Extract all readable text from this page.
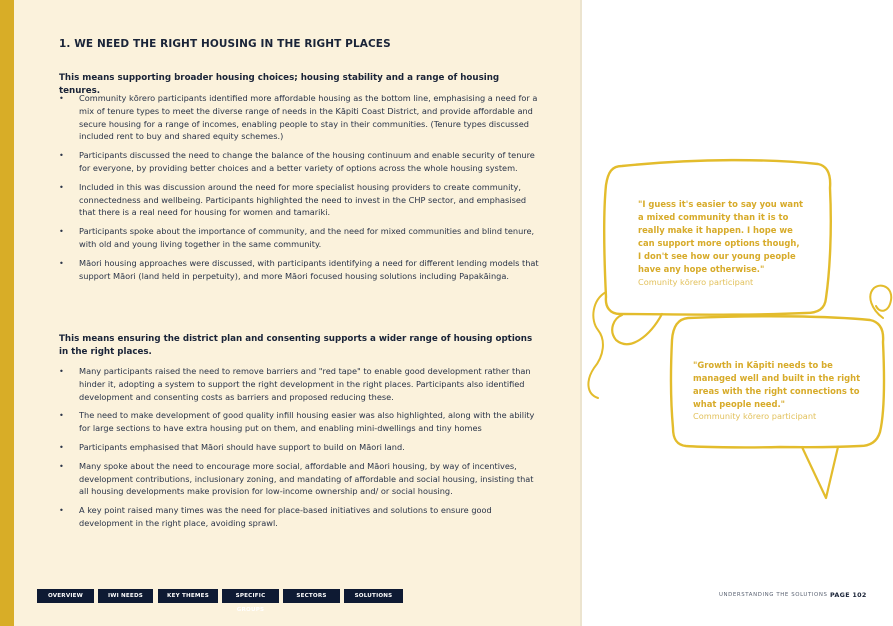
1. WE NEED THE RIGHT HOUSING IN THE RIGHT PLACES
This means supporting broader housing choices; housing stability and a range of housing tenures.
• Community kōrero participants identified more affordable housing as the bottom line, emphasising a need for a mix of tenure types to meet the diverse range of needs in the Kāpiti Coast District, and provide affordable and secure housing for a range of incomes, enabling people to stay in their communities. (Tenure types discussed included rent to buy and shared equity schemes.)
• Participants discussed the need to change the balance of the housing continuum and enable security of tenure for everyone, by providing better choices and a better variety of options across the whole housing system.
• Included in this was discussion around the need for more specialist housing providers to create community, connectedness and wellbeing. Participants highlighted the need to invest in the CHP sector, and emphasised that there is a real need for housing for women and tamariki.
• Participants spoke about the importance of community, and the need for mixed communities and blind tenure, with old and young living together in the same community.
• Māori housing approaches were discussed, with participants identifying a need for different lending models that support Māori (land held in perpetuity), and more Māori focused housing solutions including Papakāinga.
This means ensuring the district plan and consenting supports a wider range of housing options in the right places.
• Many participants raised the need to remove barriers and "red tape" to enable good development rather than hinder it, adopting a system to support the right development in the right places. Participants also identified development and consenting costs as barriers and proposed reducing these.
• The need to make development of good quality infill housing easier was also highlighted, along with the ability for large sections to have extra housing put on them, and enabling mini-dwellings and tiny homes
• Participants emphasised that Māori should have support to build on Māori land.
• Many spoke about the need to encourage more social, affordable and Māori housing, by way of incentives, development contributions, inclusionary zoning, and mandating of affordable and social housing, insisting that all housing developments make provision for low-income ownership and/ or social housing.
• A key point raised many times was the need for place-based initiatives and solutions to ensure good development in the right place, avoiding sprawl.
OVERVIEW	IWI NEEDS	KEY THEMES	SPECIFIC GROUPS
SECTORS	SOLUTIONS
"I guess it's easier to say you want
a mixed community than it is to
really make it happen. I hope we
can support more options though,
I don't see how our young people
have any hope otherwise."
Comunity kōrero participant
"Growth in Kāpiti needs to be
managed well and built in the right
areas with the right connections to
what people need."
Community kōrero participant
UNDERSTANDING THE SOLUTIONS PAGE 102
